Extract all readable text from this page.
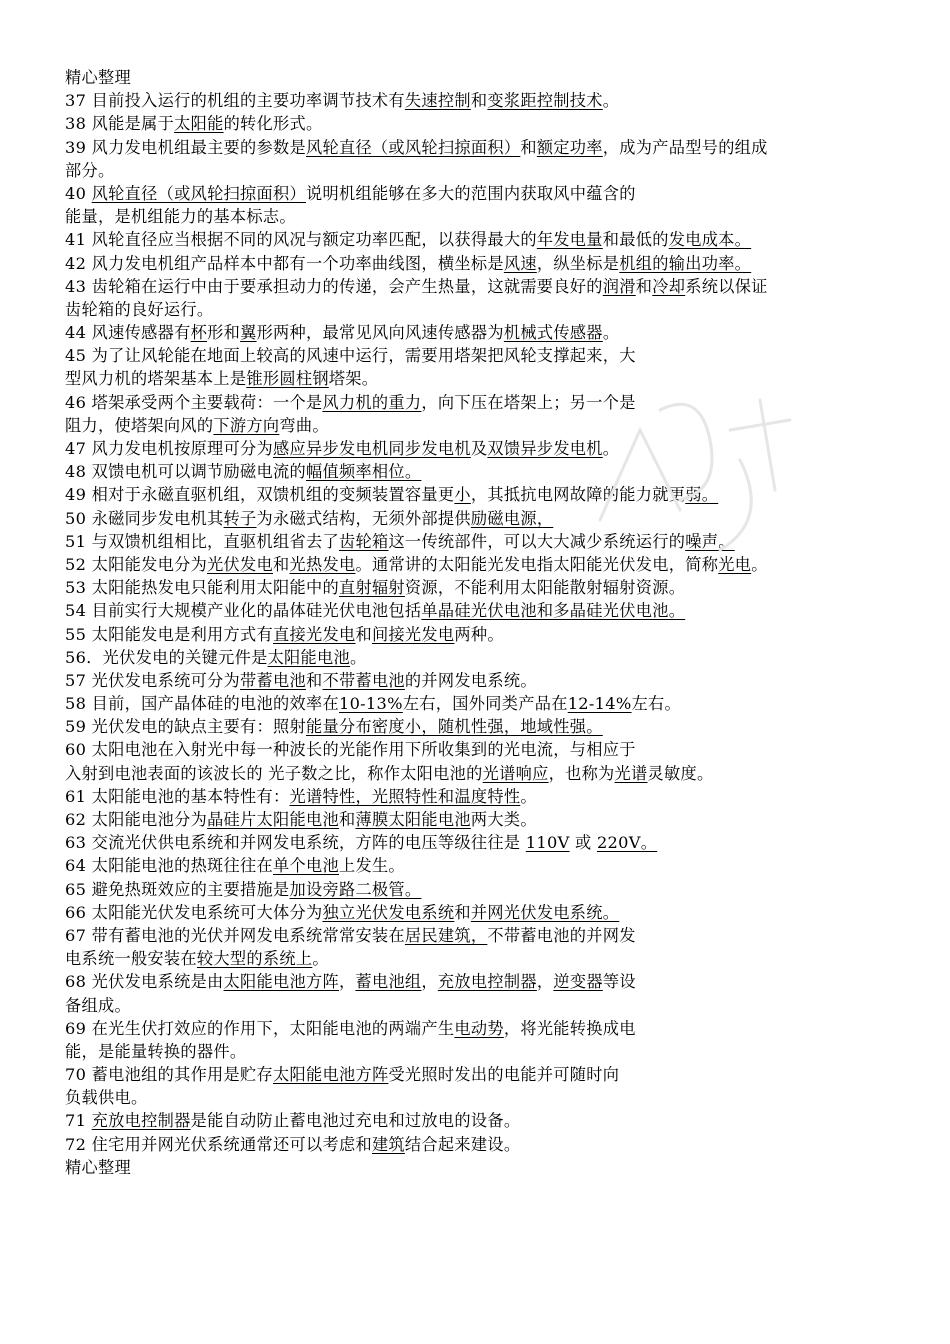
精心整理
37 目前投入运行的机组的主要功率调节技术有失速控制和变浆距控制技术。
38 风能是属于太阳能的转化形式。
39 风力发电机组最主要的参数是风轮直径（或风轮扫掠面积）和额定功率，成为产品型号的组成
部分。
40 风轮直径（或风轮扫掠面积）说明机组能够在多大的范围内获取风中蕴含的
能量，是机组能力的基本标志。
41 风轮直径应当根据不同的风况与额定功率匹配，以获得最大的年发电量和最低的发电成本。
42 风力发电机组产品样本中都有一个功率曲线图，横坐标是风速，纵坐标是机组的输出功率。
43 齿轮箱在运行中由于要承担动力的传递，会产生热量，这就需要良好的润滑和冷却系统以保证
齿轮箱的良好运行。
44 风速传感器有杯形和翼形两种，最常见风向风速传感器为机械式传感器。
45 为了让风轮能在地面上较高的风速中运行，需要用塔架把风轮支撑起来，大
型风力机的塔架基本上是锥形圆柱钢塔架。
46 塔架承受两个主要载荷：一个是风力机的重力，向下压在塔架上；另一个是
阻力，使塔架向风的下游方向弯曲。
47 风力发电机按原理可分为感应异步发电机同步发电机及双馈异步发电机。
48 双馈电机可以调节励磁电流的幅值频率相位。
49 相对于永磁直驱机组，双馈机组的变频装置容量更小，其抵抗电网故障的能力就更弱。
50 永磁同步发电机其转子为永磁式结构，无须外部提供励磁电源，
51 与双馈机组相比，直驱机组省去了齿轮箱这一传统部件，可以大大减少系统运行的噪声。
52 太阳能发电分为光伏发电和光热发电。通常讲的太阳能光发电指太阳能光伏发电，简称光电。
53 太阳能热发电只能利用太阳能中的直射辐射资源，不能利用太阳能散射辐射资源。
54 目前实行大规模产业化的晶体硅光伏电池包括单晶硅光伏电池和多晶硅光伏电池。
55 太阳能发电是利用方式有直接光发电和间接光发电两种。
56．光伏发电的关键元件是太阳能电池。
57 光伏发电系统可分为带蓄电池和不带蓄电池的并网发电系统。
58 目前，国产晶体硅的电池的效率在10-13%左右，国外同类产品在12-14%左右。
59 光伏发电的缺点主要有：照射能量分布密度小，随机性强，地域性强。
60 太阳电池在入射光中每一种波长的光能作用下所收集到的光电流，与相应于
入射到电池表面的该波长的 光子数之比，称作太阳电池的光谱响应，也称为光谱灵敏度。
61 太阳能电池的基本特性有：光谱特性，光照特性和温度特性。
62 太阳能电池分为晶硅片太阳能电池和薄膜太阳能电池两大类。
63 交流光伏供电系统和并网发电系统，方阵的电压等级往往是 110V 或 220V。
64 太阳能电池的热斑往往在单个电池上发生。
65 避免热斑效应的主要措施是加设旁路二极管。
66 太阳能光伏发电系统可大体分为独立光伏发电系统和并网光伏发电系统。
67 带有蓄电池的光伏并网发电系统常常安装在居民建筑，不带蓄电池的并网发
电系统一般安装在较大型的系统上。
68 光伏发电系统是由太阳能电池方阵，蓄电池组，充放电控制器，逆变器等设
备组成。
69 在光生伏打效应的作用下，太阳能电池的两端产生电动势，将光能转换成电
能，是能量转换的器件。
70 蓄电池组的其作用是贮存太阳能电池方阵受光照时发出的电能并可随时向
负载供电。
71 充放电控制器是能自动防止蓄电池过充电和过放电的设备。
72 住宅用并网光伏系统通常还可以考虑和建筑结合起来建设。
精心整理
